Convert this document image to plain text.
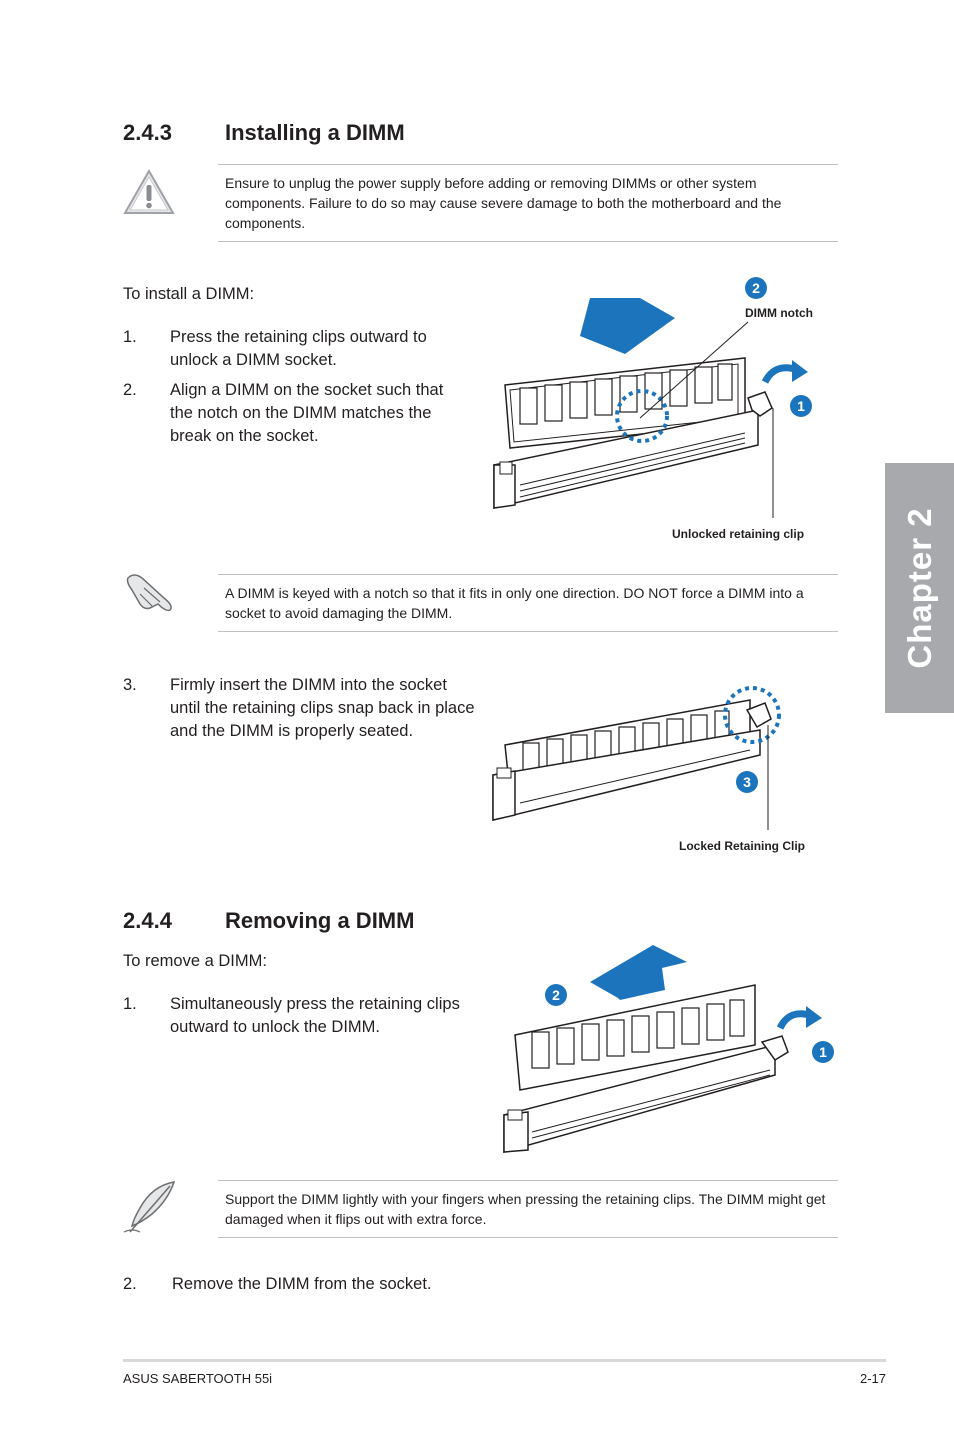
2.4.3 Installing a DIMM
Ensure to unplug the power supply before adding or removing DIMMs or other system components. Failure to do so may cause severe damage to both the motherboard and the components.
To install a DIMM:
1. Press the retaining clips outward to unlock a DIMM socket.
2. Align a DIMM on the socket such that the notch on the DIMM matches the break on the socket.
2
1
DIMM notch
Unlocked retaining clip
A DIMM is keyed with a notch so that it fits in only one direction. DO NOT force a DIMM into a socket to avoid damaging the DIMM.
3. Firmly insert the DIMM into the socket until the retaining clips snap back in place and the DIMM is properly seated.
3
Locked Retaining Clip
2.4.4 Removing a DIMM
To remove a DIMM:
1. Simultaneously press the retaining clips outward to unlock the DIMM.
2
1
Support the DIMM lightly with your fingers when pressing the retaining clips. The DIMM might get damaged when it flips out with extra force.
2. Remove the DIMM from the socket.
Chapter 2
ASUS SABERTOOTH 55i	2-17
